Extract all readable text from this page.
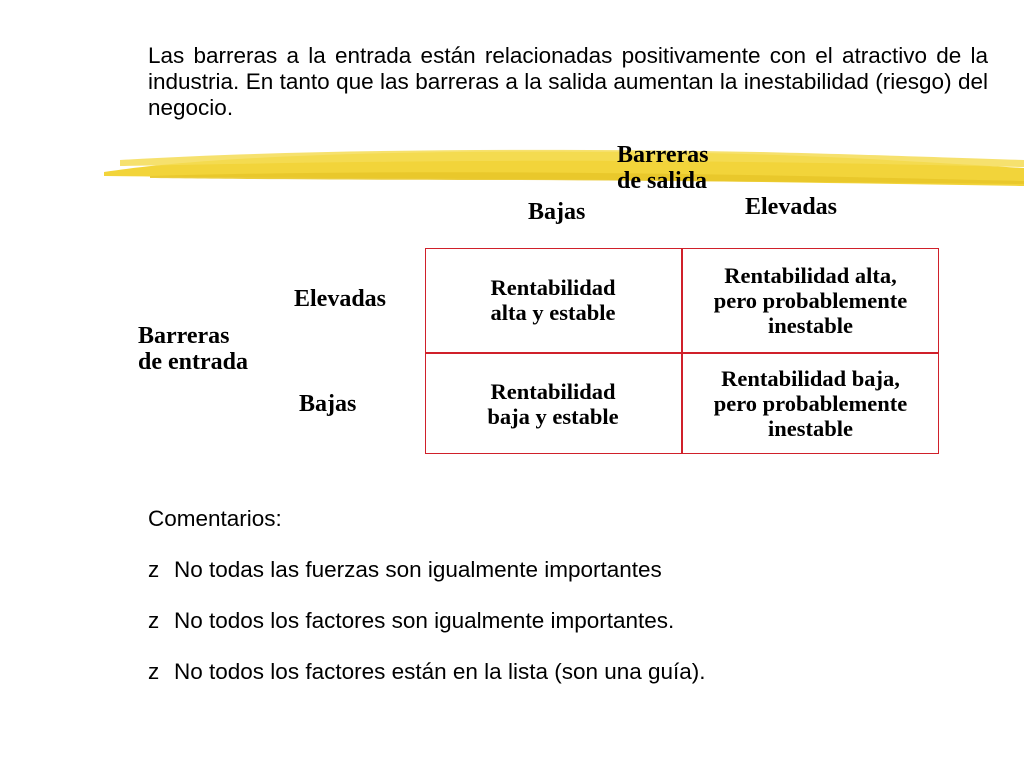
Las barreras a la entrada están relacionadas positivamente con el atractivo de la industria. En tanto que las barreras a la salida aumentan la inestabilidad (riesgo) del negocio.
Barreras
de salida
Bajas	Elevadas
Elevadas
Barreras
de entrada
Bajas
Rentabilidad
alta y estable
Rentabilidad alta,
pero probablemente
inestable
Rentabilidad
baja y estable
Rentabilidad baja,
pero probablemente
inestable
Comentarios:
z No todas las fuerzas son igualmente importantes
z No todos los factores son igualmente importantes.
z No todos los factores están en la lista (son una guía).
